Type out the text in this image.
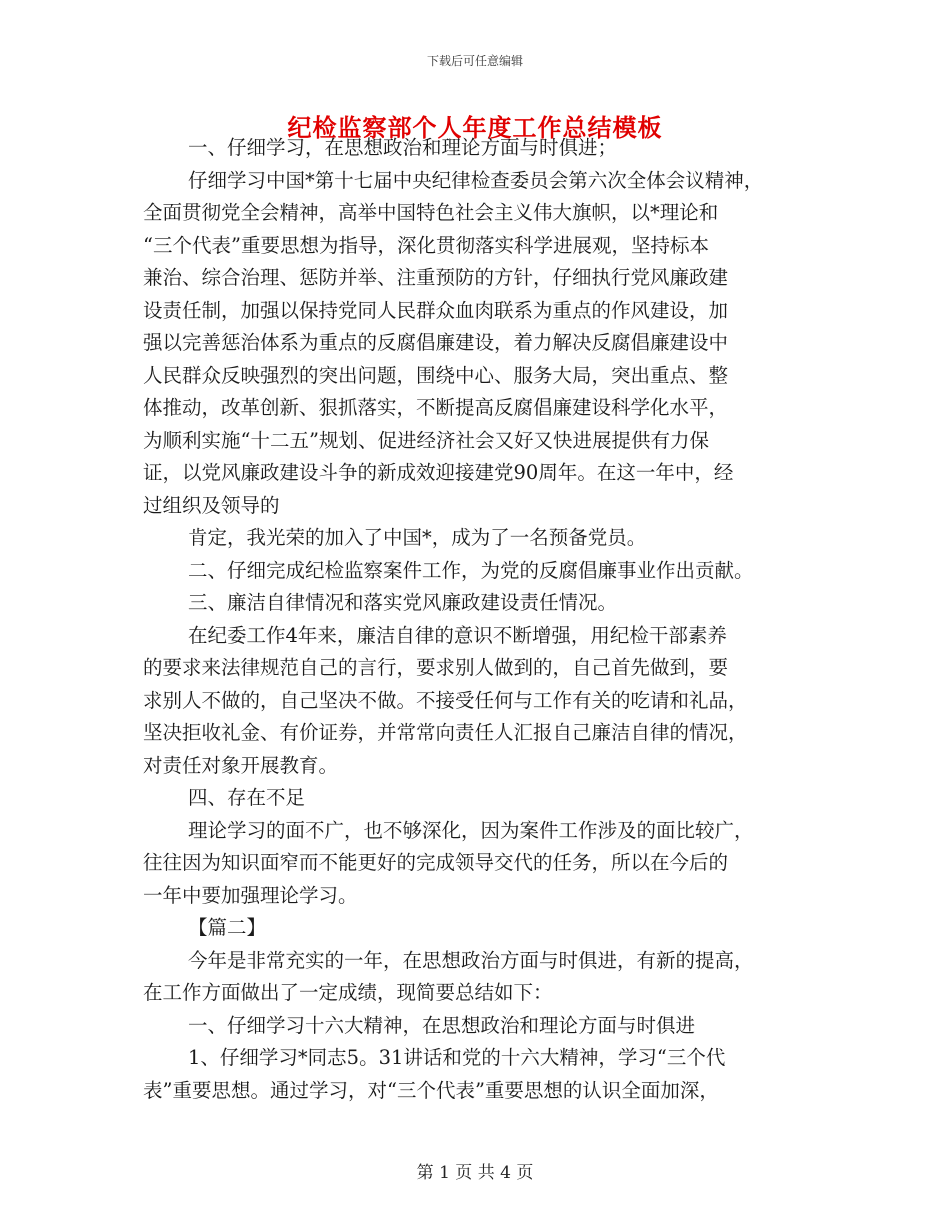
下载后可任意编辑
纪检监察部个人年度工作总结模板
一、仔细学习，在思想政治和理论方面与时俱进；
仔细学习中国*第十七届中央纪律检查委员会第六次全体会议精神，
全面贯彻党全会精神，高举中国特色社会主义伟大旗帜，以*理论和
“三个代表”重要思想为指导，深化贯彻落实科学进展观，坚持标本
兼治、综合治理、惩防并举、注重预防的方针，仔细执行党风廉政建
设责任制，加强以保持党同人民群众血肉联系为重点的作风建设，加
强以完善惩治体系为重点的反腐倡廉建设，着力解决反腐倡廉建设中
人民群众反映强烈的突出问题，围绕中心、服务大局，突出重点、整
体推动，改革创新、狠抓落实，不断提高反腐倡廉建设科学化水平，
为顺利实施“十二五”规划、促进经济社会又好又快进展提供有力保
证，以党风廉政建设斗争的新成效迎接建党90周年。在这一年中，经
过组织及领导的
肯定，我光荣的加入了中国*，成为了一名预备党员。
二、仔细完成纪检监察案件工作，为党的反腐倡廉事业作出贡献。
三、廉洁自律情况和落实党风廉政建设责任情况。
在纪委工作4年来，廉洁自律的意识不断增强，用纪检干部素养
的要求来法律规范自己的言行，要求别人做到的，自己首先做到，要
求别人不做的，自己坚决不做。不接受任何与工作有关的吃请和礼品，
坚决拒收礼金、有价证券，并常常向责任人汇报自己廉洁自律的情况，
对责任对象开展教育。
四、存在不足
理论学习的面不广，也不够深化，因为案件工作涉及的面比较广，
往往因为知识面窄而不能更好的完成领导交代的任务，所以在今后的
一年中要加强理论学习。
【篇二】
今年是非常充实的一年，在思想政治方面与时俱进，有新的提高，
在工作方面做出了一定成绩，现简要总结如下：
一、仔细学习十六大精神，在思想政治和理论方面与时俱进
1、仔细学习*同志5。31讲话和党的十六大精神，学习“三个代
表”重要思想。通过学习，对“三个代表”重要思想的认识全面加深，
第 1 页 共 4 页
